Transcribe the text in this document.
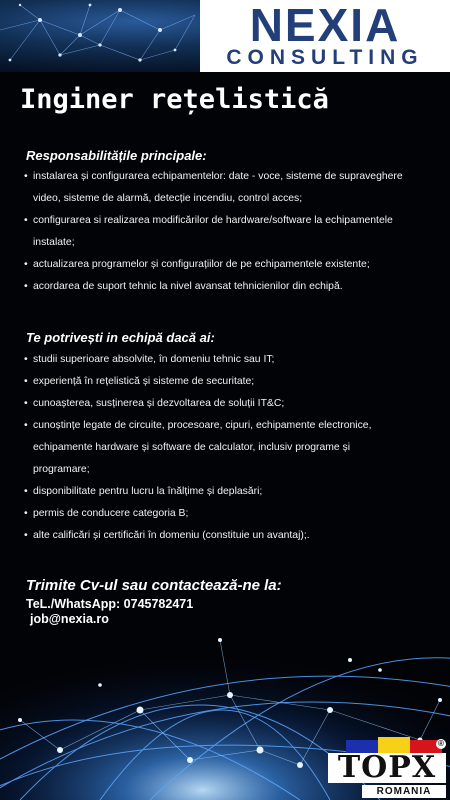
NEXIA
CONSULTING
Inginer rețelistică
Responsabilitățile principale:
• instalarea și configurarea echipamentelor: date - voce, sisteme de supraveghere
video, sisteme de alarmă, detecție incendiu, control acces;
• configurarea si realizarea modificărilor de hardware/software la echipamentele
instalate;
• actualizarea programelor și configurațiilor de pe echipamentele existente;
• acordarea de suport tehnic la nivel avansat tehnicienilor din echipă.
Te potrivești in echipă dacă ai:
• studii superioare absolvite, în domeniu tehnic sau IT;
• experiență în rețelistică și sisteme de securitate;
• cunoașterea, susținerea și dezvoltarea de soluții IT&C;
• cunoștințe legate de circuite, procesoare, cipuri, echipamente electronice,
echipamente hardware și software de calculator, inclusiv programe și
programare;
• disponibilitate pentru lucru la înălțime și deplasări;
• permis de conducere categoria B;
• alte calificări și certificări în domeniu (constituie un avantaj);.
Trimite Cv-ul sau contactează-ne la:
TeL./WhatsApp: 0745782471
job@nexia.ro
®
TOPX
ROMANIA
